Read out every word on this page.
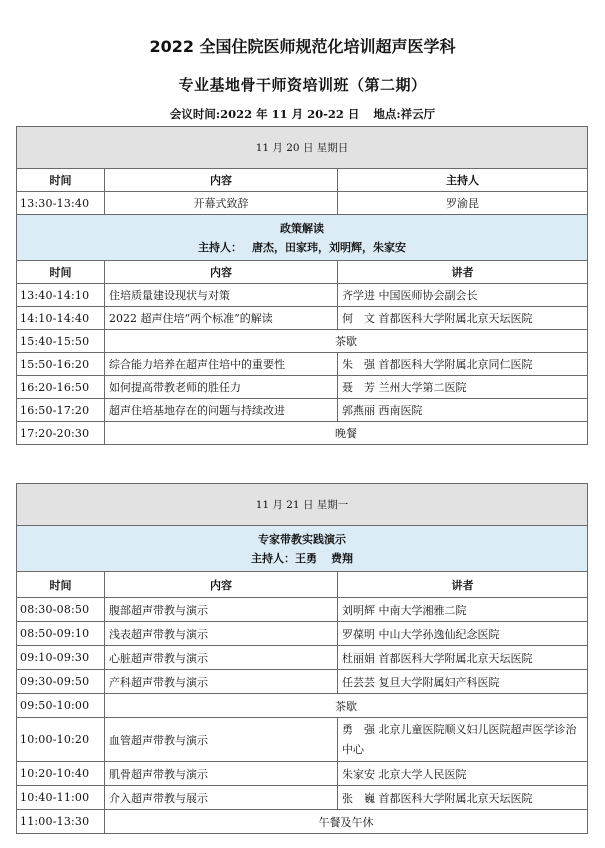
2022 全国住院医师规范化培训超声医学科
专业基地骨干师资培训班（第二期）
会议时间:2022 年 11 月 20-22 日 地点:祥云厅
11 月 20 日 星期日		
时间	内容	主持人
13:30-13:40	开幕式致辞	罗渝昆

政策解读
主持人： 唐杰，田家玮，刘明辉，朱家安		

时间	内容	讲者
13:40-14:10	住培质量建设现状与对策	齐学进 中国医师协会副会长
14:10-14:40	2022 超声住培“两个标准”的解读	何　文 首都医科大学附属北京天坛医院
15:40-15:50	茶歇	
15:50-16:20	综合能力培养在超声住培中的重要性	朱　强 首都医科大学附属北京同仁医院
16:20-16:50	如何提高带教老师的胜任力	聂　芳 兰州大学第二医院
16:50-17:20	超声住培基地存在的问题与持续改进	郭燕丽 西南医院
17:20-20:30	晚餐	
11 月 21 日 星期一		

专家带教实践演示
主持人：王勇 费翔		

时间	内容	讲者
08:30-08:50	腹部超声带教与演示	刘明辉 中南大学湘雅二院
08:50-09:10	浅表超声带教与演示	罗葆明 中山大学孙逸仙纪念医院
09:10-09:30	心脏超声带教与演示	杜丽娟 首都医科大学附属北京天坛医院
09:30-09:50	产科超声带教与演示	任芸芸 复旦大学附属妇产科医院
09:50-10:00	茶歇	
10:00-10:20	血管超声带教与演示	勇　强 北京儿童医院顺义妇儿医院超声医学诊治中心
10:20-10:40	肌骨超声带教与演示	朱家安 北京大学人民医院
10:40-11:00	介入超声带教与展示	张　巍 首都医科大学附属北京天坛医院
11:00-13:30	午餐及午休	
